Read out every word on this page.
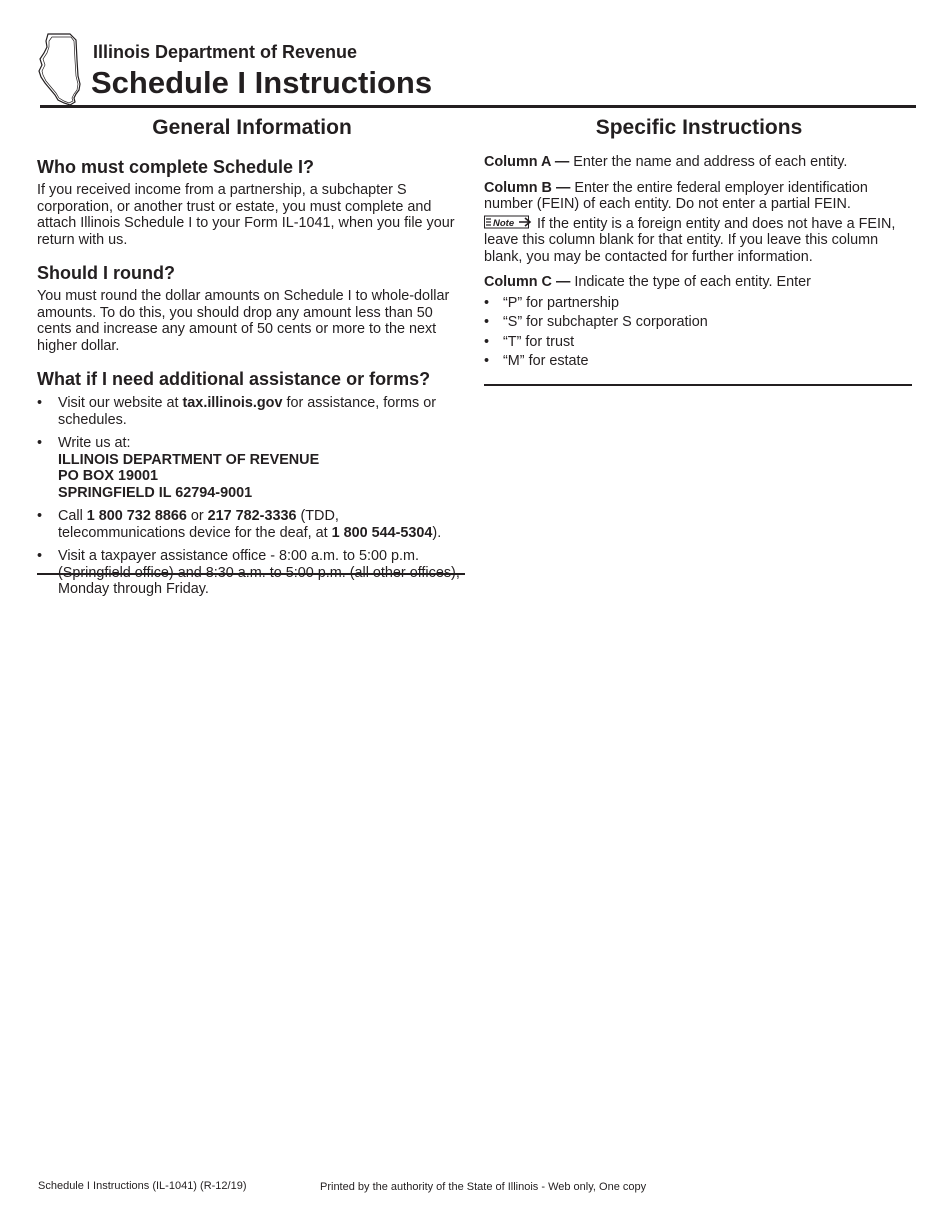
Illinois Department of Revenue
Schedule I Instructions
General Information
Who must complete Schedule I?

If you received income from a partnership, a subchapter S corporation, or another trust or estate, you must complete and attach Illinois Schedule I to your Form IL-1041, when you file your return with us.

Should I round?

You must round the dollar amounts on Schedule I to whole-dollar amounts. To do this, you should drop any amount less than 50 cents and increase any amount of 50 cents or more to the next higher dollar.

What if I need additional assistance or forms?
• Visit our website at tax.illinois.gov for assistance, forms or schedules.
• Write us at:
ILLINOIS DEPARTMENT OF REVENUE
PO BOX 19001
SPRINGFIELD IL 62794-9001
• Call 1 800 732 8866 or 217 782-3336 (TDD, telecommunications device for the deaf, at 1 800 544-5304).
• Visit a taxpayer assistance office - 8:00 a.m. to 5:00 p.m. Monday through Friday.
Specific Instructions

Column A — Enter the name and address of each entity.

Column B — Enter the entire federal employer identification number (FEIN) of each entity. Do not enter a partial FEIN.

Note If the entity is a foreign entity and does not have a FEIN, leave this column blank for that entity. If you leave this column blank, you may be contacted for further information.

Column C — Indicate the type of each entity. Enter

• “P” for partnership
• “S” for subchapter S corporation
• “T” for trust
• “M” for estate
Schedule I Instructions (IL-1041) (R-12/19)	Printed by the authority of the State of Illinois - Web only, One copy
